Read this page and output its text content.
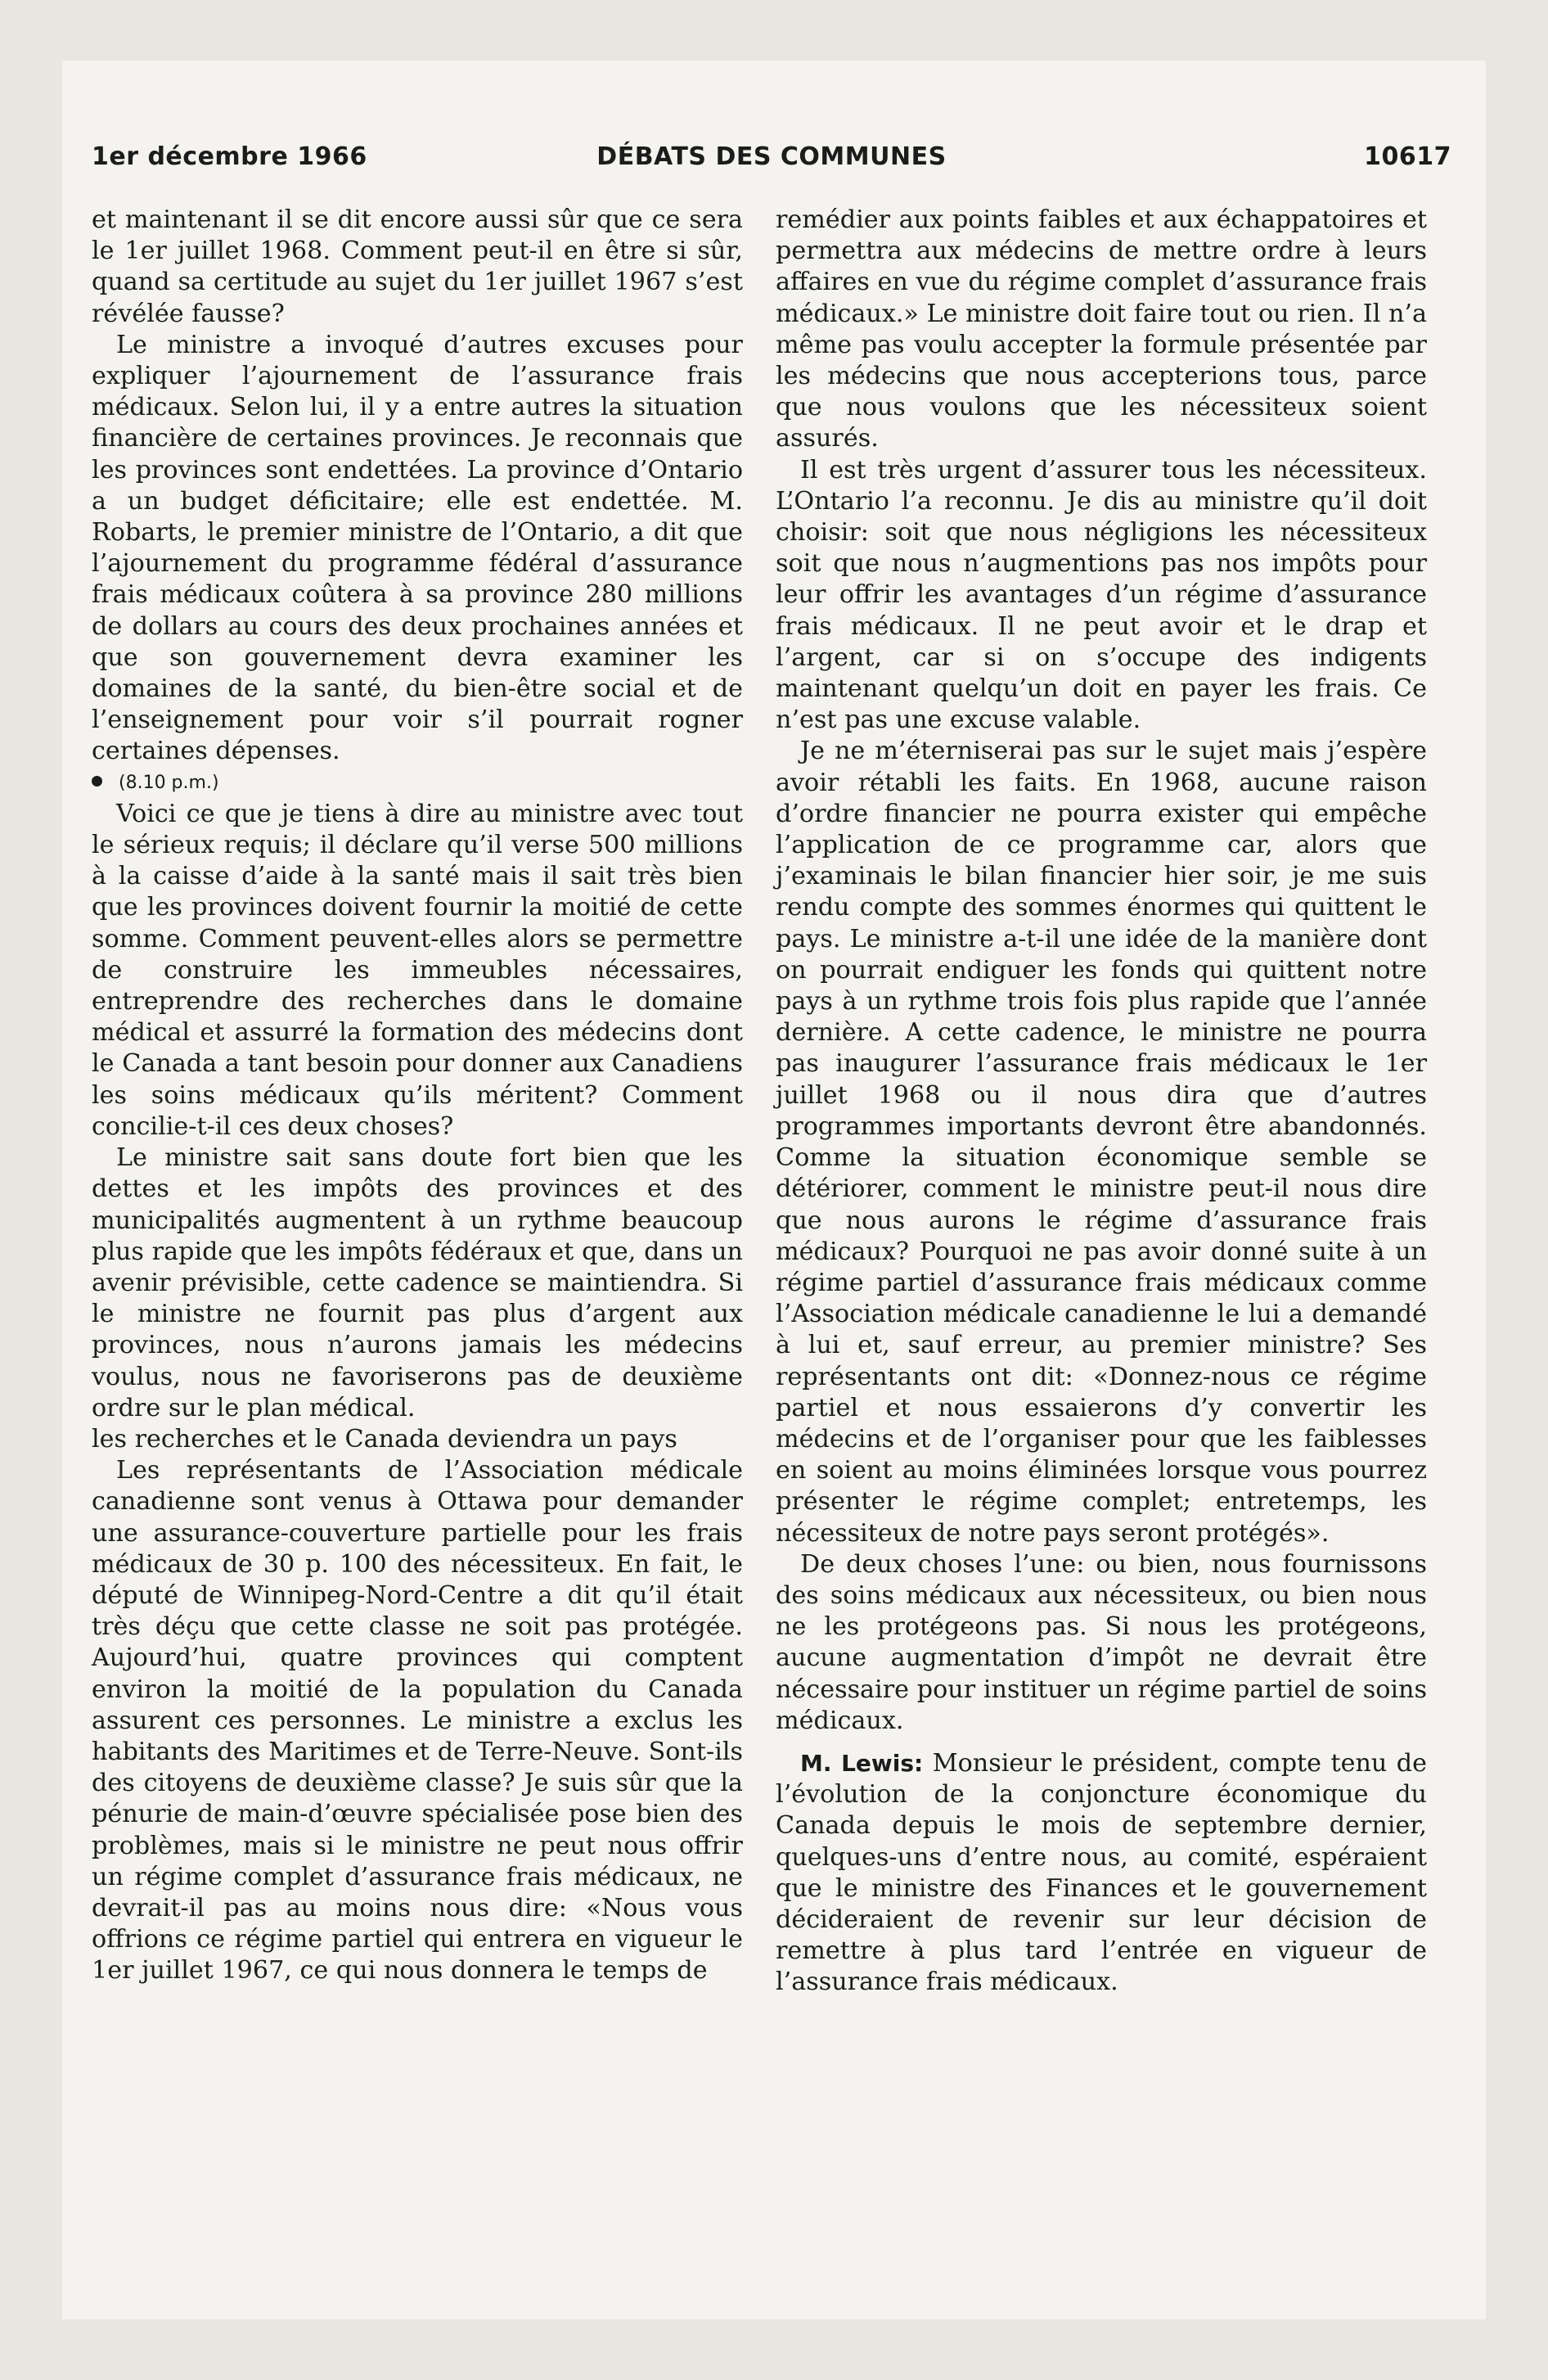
1er décembre 1966	DÉBATS DES COMMUNES	10617

et maintenant il se dit encore aussi sûr que ce sera le 1er juillet 1968. Comment peut-il en être si sûr, quand sa certitude au sujet du 1er juillet 1967 s’est révélée fausse?

Le ministre a invoqué d’autres excuses pour expliquer l’ajournement de l’assurance frais médicaux. Selon lui, il y a entre autres la situation financière de certaines provinces. Je reconnais que les provinces sont endettées. La province d’Ontario a un budget déficitaire; elle est endettée. M. Robarts, le premier ministre de l’Ontario, a dit que l’ajournement du programme fédéral d’assurance frais médicaux coûtera à sa province 280 millions de dollars au cours des deux prochaines années et que son gouvernement devra examiner les domaines de la santé, du bien-être social et de l’enseignement pour voir s’il pourrait rogner certaines dépenses.

(8.10 p.m.)

Voici ce que je tiens à dire au ministre avec tout le sérieux requis; il déclare qu’il verse 500 millions à la caisse d’aide à la santé mais il sait très bien que les provinces doivent fournir la moitié de cette somme. Comment peuvent-elles alors se permettre de construire les immeubles nécessaires, entreprendre des recherches dans le domaine médical et assurré la formation des médecins dont le Canada a tant besoin pour donner aux Canadiens les soins médicaux qu’ils méritent? Comment concilie-t-il ces deux choses?

Le ministre sait sans doute fort bien que les dettes et les impôts des provinces et des municipalités augmentent à un rythme beaucoup plus rapide que les impôts fédéraux et que, dans un avenir prévisible, cette cadence se maintiendra. Si le ministre ne fournit pas plus d’argent aux provinces, nous n’aurons jamais les médecins voulus, nous ne favoriserons pas de deuxième ordre sur le plan médical.

les recherches et le Canada deviendra un pays

Les représentants de l’Association médicale canadienne sont venus à Ottawa pour demander une assurance-couverture partielle pour les frais médicaux de 30 p. 100 des nécessiteux. En fait, le député de Winnipeg-Nord-Centre a dit qu’il était très déçu que cette classe ne soit pas protégée. Aujourd’hui, quatre provinces qui comptent environ la moitié de la population du Canada assurent ces personnes. Le ministre a exclus les habitants des Maritimes et de Terre-Neuve. Sont-ils des citoyens de deuxième classe? Je suis sûr que la pénurie de main-d’œuvre spécialisée pose bien des problèmes, mais si le ministre ne peut nous offrir un régime complet d’assurance frais médicaux, ne devrait-il pas au moins nous dire: «Nous vous offrions ce régime partiel qui entrera en vigueur le 1er juillet 1967, ce qui nous donnera le temps de

remédier aux points faibles et aux échappatoires et permettra aux médecins de mettre ordre à leurs affaires en vue du régime complet d’assurance frais médicaux.» Le ministre doit faire tout ou rien. Il n’a même pas voulu accepter la formule présentée par les médecins que nous accepterions tous, parce que nous voulons que les nécessiteux soient assurés.

Il est très urgent d’assurer tous les nécessiteux. L’Ontario l’a reconnu. Je dis au ministre qu’il doit choisir: soit que nous négligions les nécessiteux soit que nous n’augmentions pas nos impôts pour leur offrir les avantages d’un régime d’assurance frais médicaux. Il ne peut avoir et le drap et l’argent, car si on s’occupe des indigents maintenant quelqu’un doit en payer les frais. Ce n’est pas une excuse valable.

Je ne m’éterniserai pas sur le sujet mais j’espère avoir rétabli les faits. En 1968, aucune raison d’ordre financier ne pourra exister qui empêche l’application de ce programme car, alors que j’examinais le bilan financier hier soir, je me suis rendu compte des sommes énormes qui quittent le pays. Le ministre a-t-il une idée de la manière dont on pourrait endiguer les fonds qui quittent notre pays à un rythme trois fois plus rapide que l’année dernière. A cette cadence, le ministre ne pourra pas inaugurer l’assurance frais médicaux le 1er juillet 1968 ou il nous dira que d’autres programmes importants devront être abandonnés. Comme la situation économique semble se détériorer, comment le ministre peut-il nous dire que nous aurons le régime d’assurance frais médicaux? Pourquoi ne pas avoir donné suite à un régime partiel d’assurance frais médicaux comme l’Association médicale canadienne le lui a demandé à lui et, sauf erreur, au premier ministre? Ses représentants ont dit: «Donnez-nous ce régime partiel et nous essaierons d’y convertir les médecins et de l’organiser pour que les faiblesses en soient au moins éliminées lorsque vous pourrez présenter le régime complet; entretemps, les nécessiteux de notre pays seront protégés».

De deux choses l’une: ou bien, nous fournissons des soins médicaux aux nécessiteux, ou bien nous ne les protégeons pas. Si nous les protégeons, aucune augmentation d’impôt ne devrait être nécessaire pour instituer un régime partiel de soins médicaux.

M. Lewis: Monsieur le président, compte tenu de l’évolution de la conjoncture économique du Canada depuis le mois de septembre dernier, quelques-uns d’entre nous, au comité, espéraient que le ministre des Finances et le gouvernement décideraient de revenir sur leur décision de remettre à plus tard l’entrée en vigueur de l’assurance frais médicaux.
